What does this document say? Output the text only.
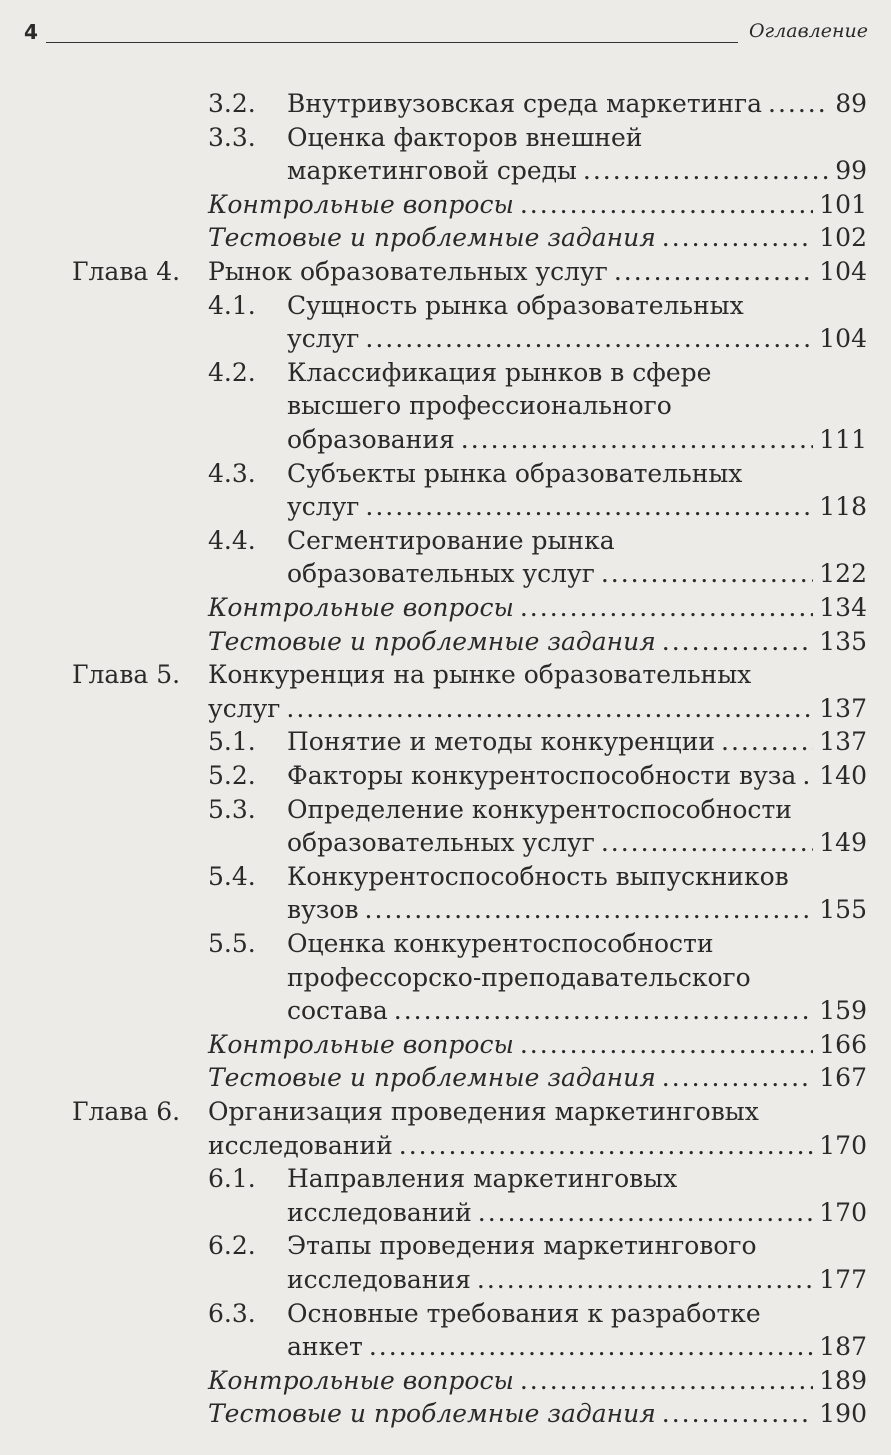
4	Оглавление
3.2. Внутривузовская среда маркетинга .....	89
3.3. Оценка факторов внешней
маркетинговой среды .....	99
Контрольные вопросы .....	101
Тестовые и проблемные задания .....	102
Глава 4. Рынок образовательных услуг .....	104
4.1. Сущность рынка образовательных
услуг .....	104
4.2. Классификация рынков в сфере
высшего профессионального
образования .....	111
4.3. Субъекты рынка образовательных
услуг .....	118
4.4. Сегментирование рынка
образовательных услуг .....	122
Контрольные вопросы .....	134
Тестовые и проблемные задания .....	135
Глава 5. Конкуренция на рынке образовательных
услуг .....	137
5.1. Понятие и методы конкуренции .....	137
5.2. Факторы конкурентоспособности вуза ..... 140
5.3. Определение конкурентоспособности
образовательных услуг .....	149
5.4. Конкурентоспособность выпускников
вузов .....	155
5.5. Оценка конкурентоспособности
профессорско-преподавательского
состава .....	159
Контрольные вопросы .....	166
Тестовые и проблемные задания .....	167
Глава 6. Организация проведения маркетинговых
исследований .....	170
6.1. Направления маркетинговых
исследований .....	170
6.2. Этапы проведения маркетингового
исследования .....	177
6.3. Основные требования к разработке
анкет .....	187
Контрольные вопросы .....	189
Тестовые и проблемные задания .....	190
